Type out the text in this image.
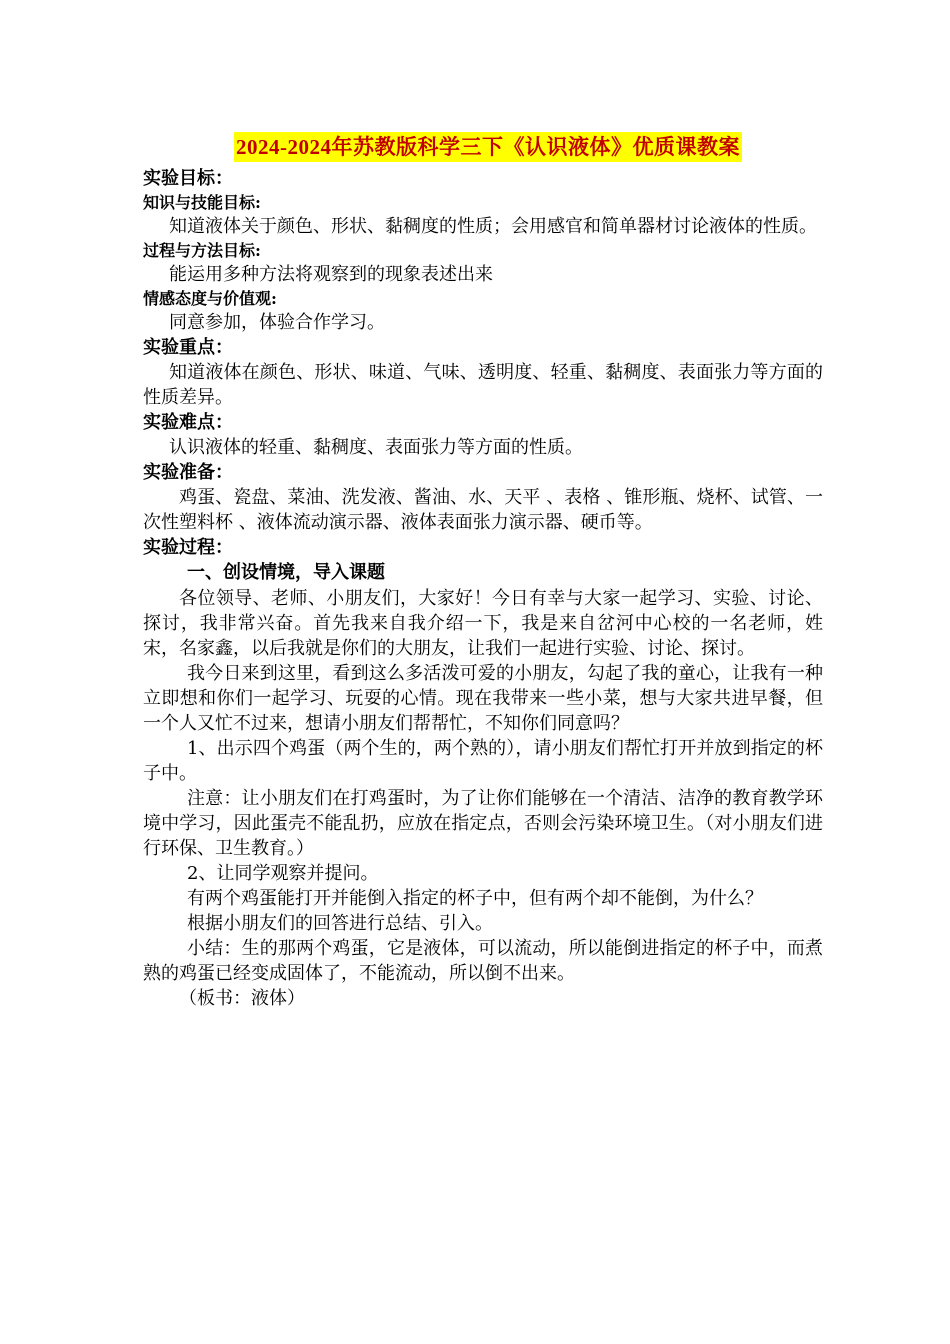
2024-2024年苏教版科学三下《认识液体》优质课教案
实验目标：
知识与技能目标:
知道液体关于颜色、形状、黏稠度的性质；会用感官和简单器材讨论液体的性质。
过程与方法目标:
能运用多种方法将观察到的现象表述出来
情感态度与价值观:
同意参加，体验合作学习。
实验重点：
知道液体在颜色、形状、味道、气味、透明度、轻重、黏稠度、表面张力等方面的性质差异。
实验难点：
认识液体的轻重、黏稠度、表面张力等方面的性质。
实验准备：
鸡蛋、瓷盘、菜油、洗发液、酱油、水、天平 、表格 、锥形瓶、烧杯、试管、一次性塑料杯 、液体流动演示器、液体表面张力演示器、硬币等。
实验过程：
一、创设情境，导入课题
各位领导、老师、小朋友们，大家好！今日有幸与大家一起学习、实验、讨论、探讨，我非常兴奋。首先我来自我介绍一下，我是来自岔河中心校的一名老师，姓宋，名家鑫，以后我就是你们的大朋友，让我们一起进行实验、讨论、探讨。
我今日来到这里，看到这么多活泼可爱的小朋友，勾起了我的童心，让我有一种立即想和你们一起学习、玩耍的心情。现在我带来一些小菜，想与大家共进早餐，但一个人又忙不过来，想请小朋友们帮帮忙，不知你们同意吗？
1、出示四个鸡蛋（两个生的，两个熟的），请小朋友们帮忙打开并放到指定的杯子中。
注意：让小朋友们在打鸡蛋时，为了让你们能够在一个清洁、洁净的教育教学环境中学习，因此蛋壳不能乱扔，应放在指定点，否则会污染环境卫生。（对小朋友们进行环保、卫生教育。）
2、让同学观察并提问。
有两个鸡蛋能打开并能倒入指定的杯子中，但有两个却不能倒，为什么？
根据小朋友们的回答进行总结、引入。
小结：生的那两个鸡蛋，它是液体，可以流动，所以能倒进指定的杯子中，而煮熟的鸡蛋已经变成固体了，不能流动，所以倒不出来。
（板书：液体）
